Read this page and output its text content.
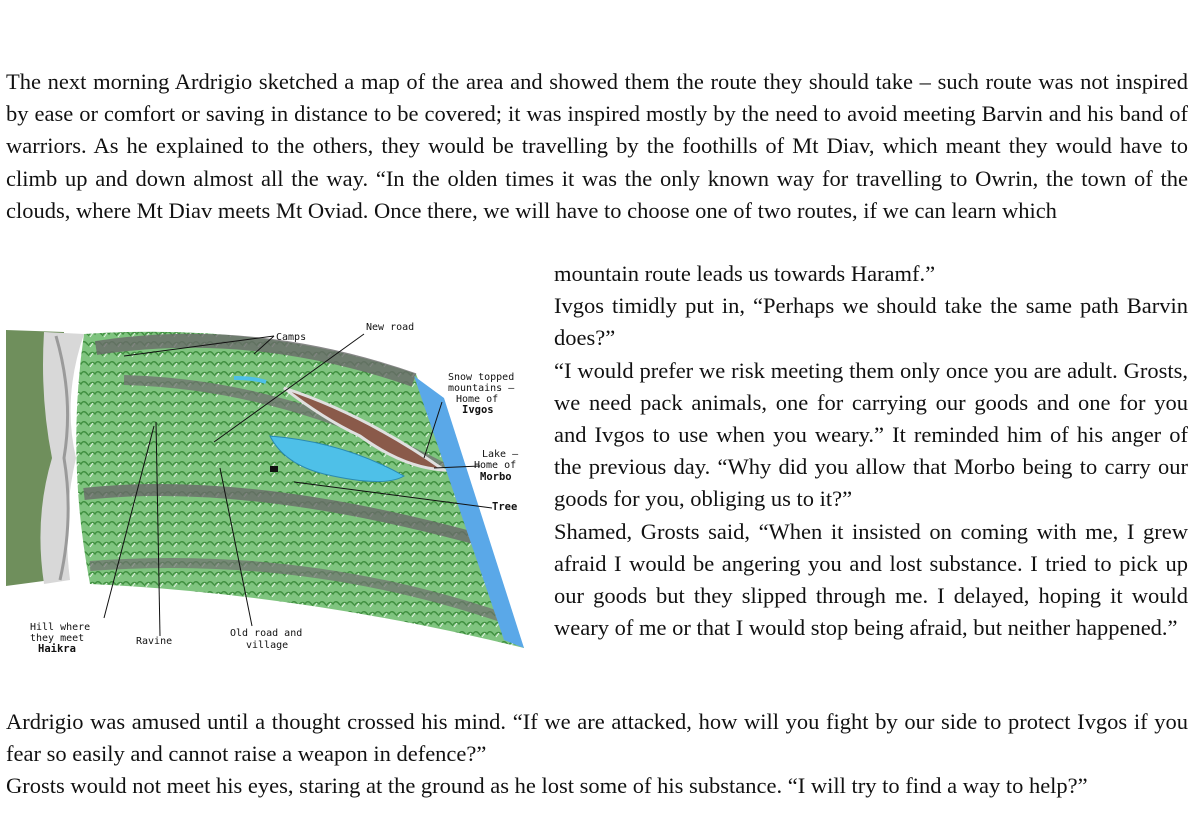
The next morning Ardrigio sketched a map of the area and showed them the route they should take – such route was not inspired by ease or comfort or saving in distance to be covered; it was inspired mostly by the need to avoid meeting Barvin and his band of warriors. As he explained to the others, they would be travelling by the foothills of Mt Diav, which meant they would have to climb up and down almost all the way. “In the olden times it was the only known way for travelling to Owrin, the town of the clouds, where Mt Diav meets Mt Oviad. Once there, we will have to choose one of two routes, if we can learn which

Camps
New road
Snow topped
mountains –
Home of
Ivgos
Lake –
Home of
Morbo
Tree
Hill where
they meet
Haikra
Ravine
Old road and
village

mountain route leads us towards Haramf.”

Ivgos timidly put in, “Perhaps we should take the same path Barvin does?”

“I would prefer we risk meeting them only once you are adult. Grosts, we need pack animals, one for carrying our goods and one for you and Ivgos to use when you weary.” It reminded him of his anger of the previous day. “Why did you allow that Morbo being to carry our goods for you, obliging us to it?”

Shamed, Grosts said, “When it insisted on coming with me, I grew afraid I would be angering you and lost substance. I tried to pick up our goods but they slipped through me. I delayed, hoping it would weary of me or that I would stop being afraid, but neither happened.”

Ardrigio was amused until a thought crossed his mind. “If we are attacked, how will you fight by our side to protect Ivgos if you fear so easily and cannot raise a weapon in defence?”

Grosts would not meet his eyes, staring at the ground as he lost some of his substance. “I will try to find a way to help?”
